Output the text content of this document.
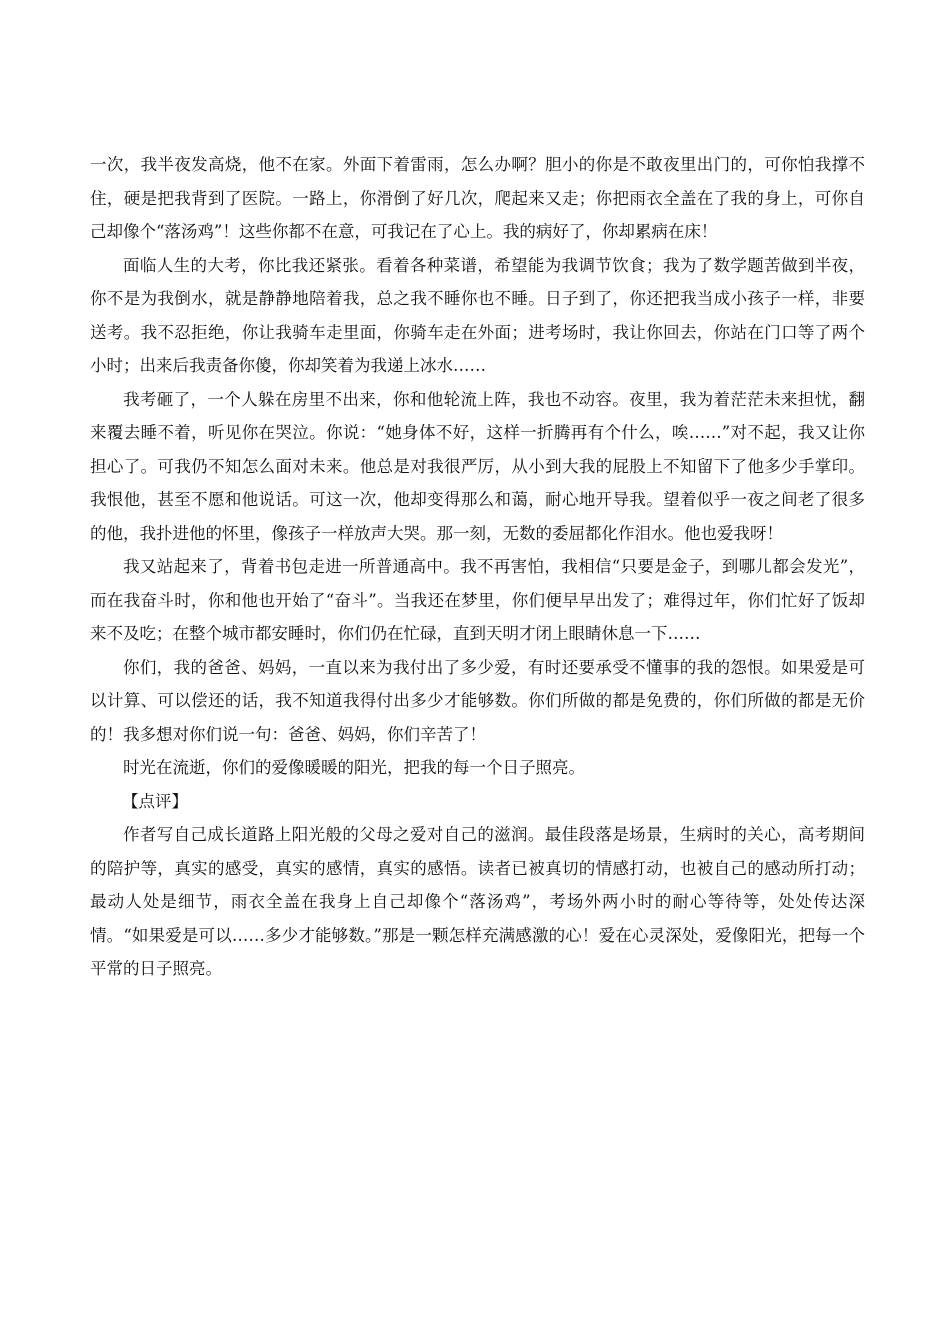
一次，我半夜发高烧，他不在家。外面下着雷雨，怎么办啊？胆小的你是不敢夜里出门的，可你怕我撑不住，硬是把我背到了医院。一路上，你滑倒了好几次，爬起来又走；你把雨衣全盖在了我的身上，可你自己却像个“落汤鸡”！这些你都不在意，可我记在了心上。我的病好了，你却累病在床！

面临人生的大考，你比我还紧张。看着各种菜谱，希望能为我调节饮食；我为了数学题苦做到半夜，你不是为我倒水，就是静静地陪着我，总之我不睡你也不睡。日子到了，你还把我当成小孩子一样，非要送考。我不忍拒绝，你让我骑车走里面，你骑车走在外面；进考场时，我让你回去，你站在门口等了两个小时；出来后我责备你傻，你却笑着为我递上冰水……

我考砸了，一个人躲在房里不出来，你和他轮流上阵，我也不动容。夜里，我为着茫茫未来担忧，翻来覆去睡不着，听见你在哭泣。你说：“她身体不好，这样一折腾再有个什么，唉……”对不起，我又让你担心了。可我仍不知怎么面对未来。他总是对我很严厉，从小到大我的屁股上不知留下了他多少手掌印。我恨他，甚至不愿和他说话。可这一次，他却变得那么和蔼，耐心地开导我。望着似乎一夜之间老了很多的他，我扑进他的怀里，像孩子一样放声大哭。那一刻，无数的委屈都化作泪水。他也爱我呀！

我又站起来了，背着书包走进一所普通高中。我不再害怕，我相信“只要是金子，到哪儿都会发光”，而在我奋斗时，你和他也开始了“奋斗”。当我还在梦里，你们便早早出发了；难得过年，你们忙好了饭却来不及吃；在整个城市都安睡时，你们仍在忙碌，直到天明才闭上眼睛休息一下……

你们，我的爸爸、妈妈，一直以来为我付出了多少爱，有时还要承受不懂事的我的怨恨。如果爱是可以计算、可以偿还的话，我不知道我得付出多少才能够数。你们所做的都是免费的，你们所做的都是无价的！我多想对你们说一句：爸爸、妈妈，你们辛苦了！

时光在流逝，你们的爱像暖暖的阳光，把我的每一个日子照亮。

【点评】

作者写自己成长道路上阳光般的父母之爱对自己的滋润。最佳段落是场景，生病时的关心，高考期间的陪护等，真实的感受，真实的感情，真实的感悟。读者已被真切的情感打动，也被自己的感动所打动；最动人处是细节，雨衣全盖在我身上自己却像个“落汤鸡”，考场外两小时的耐心等待等，处处传达深情。“如果爱是可以……多少才能够数。”那是一颗怎样充满感激的心！爱在心灵深处，爱像阳光，把每一个平常的日子照亮。
